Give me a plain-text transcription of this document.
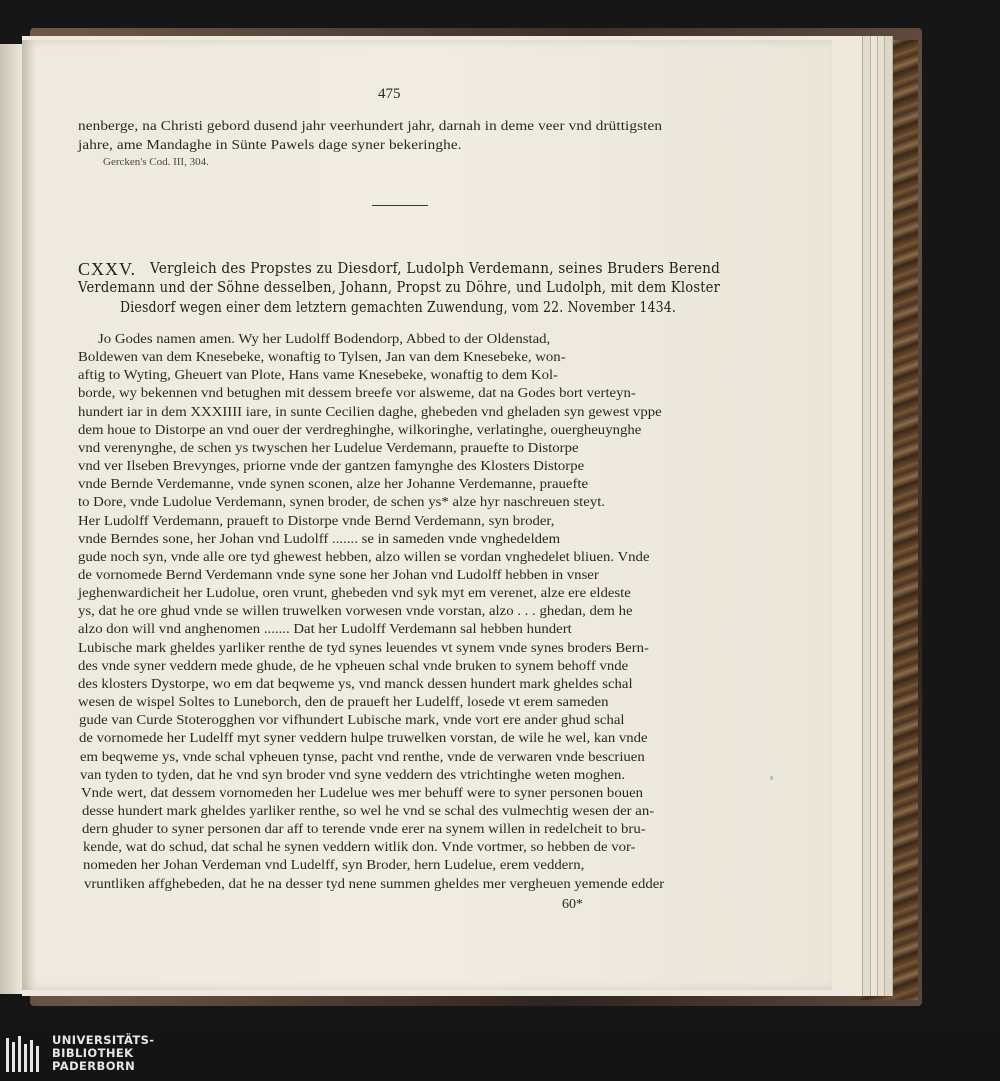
475
nenberge, na Christi gebord dusend jahr veerhundert jahr, darnah in deme veer vnd drüttigsten
jahre, ame Mandaghe in Sünte Pawels dage syner bekeringhe.
Gercken's Cod. III, 304.
CXXV. Vergleich des Propstes zu Diesdorf, Ludolph Verdemann, seines Bruders Berend
Verdemann und der Söhne desselben, Johann, Propst zu Döhre, und Ludolph, mit dem Kloster
Diesdorf wegen einer dem letztern gemachten Zuwendung, vom 22. November 1434.
Jo Godes namen amen. Wy her Ludolff Bodendorp, Abbed to der Oldenstad,
Boldewen van dem Knesebeke, wonaftig to Tylsen, Jan van dem Knesebeke, won-
aftig to Wyting, Gheuert van Plote, Hans vame Knesebeke, wonaftig to dem Kol-
borde, wy bekennen vnd betughen mit dessem breefe vor alsweme, dat na Godes bort verteyn-
hundert iar in dem XXXIIII iare, in sunte Cecilien daghe, ghebeden vnd gheladen syn gewest vppe
dem houe to Distorpe an vnd ouer der verdreghinghe, wilkoringhe, verlatinghe, ouergheuynghe
vnd verenynghe, de schen ys twyschen her Ludelue Verdemann, prauefte to Distorpe
vnd ver Ilseben Brevynges, priorne vnde der gantzen famynghe des Klosters Distorpe
vnde Bernde Verdemanne, vnde synen sconen, alze her Johanne Verdemanne, prauefte
to Dore, vnde Ludolue Verdemann, synen broder, de schen ys* alze hyr naschreuen steyt.
Her Ludolff Verdemann, praueft to Distorpe vnde Bernd Verdemann, syn broder,
vnde Berndes sone, her Johan vnd Ludolff ....... se in sameden vnde vnghedeldem
gude noch syn, vnde alle ore tyd ghewest hebben, alzo willen se vordan vnghedelet bliuen. Vnde
de vornomede Bernd Verdemann vnde syne sone her Johan vnd Ludolff hebben in vnser
jeghenwardicheit her Ludolue, oren vrunt, ghebeden vnd syk myt em verenet, alze ere eldeste
ys, dat he ore ghud vnde se willen truwelken vorwesen vnde vorstan, alzo . . . ghedan, dem he
alzo don will vnd anghenomen ....... Dat her Ludolff Verdemann sal hebben hundert
Lubische mark gheldes yarliker renthe de tyd synes leuendes vt synem vnde synes broders Bern-
des vnde syner veddern mede ghude, de he vpheuen schal vnde bruken to synem behoff vnde
des klosters Dystorpe, wo em dat beqweme ys, vnd manck dessen hundert mark gheldes schal
wesen de wispel Soltes to Luneborch, den de praueft her Ludelff, losede vt erem sameden
gude van Curde Stoterogghen vor vifhundert Lubische mark, vnde vort ere ander ghud schal
de vornomede her Ludelff myt syner veddern hulpe truwelken vorstan, de wile he wel, kan vnde
em beqweme ys, vnde schal vpheuen tynse, pacht vnd renthe, vnde de verwaren vnde bescriuen
van tyden to tyden, dat he vnd syn broder vnd syne veddern des vtrichtinghe weten moghen.
Vnde wert, dat dessem vornomeden her Ludelue wes mer behuff were to syner personen bouen
desse hundert mark gheldes yarliker renthe, so wel he vnd se schal des vulmechtig wesen der an-
dern ghuder to syner personen dar aff to terende vnde erer na synem willen in redelcheit to bru-
kende, wat do schud, dat schal he synen veddern witlik don. Vnde vortmer, so hebben de vor-
nomeden her Johan Verdeman vnd Ludelff, syn Broder, hern Ludelue, erem veddern,
vruntliken affghebeden, dat he na desser tyd nene summen gheldes mer vergheuen yemende edder
60*
UNIVERSITÄTS-
BIBLIOTHEK
PADERBORN
